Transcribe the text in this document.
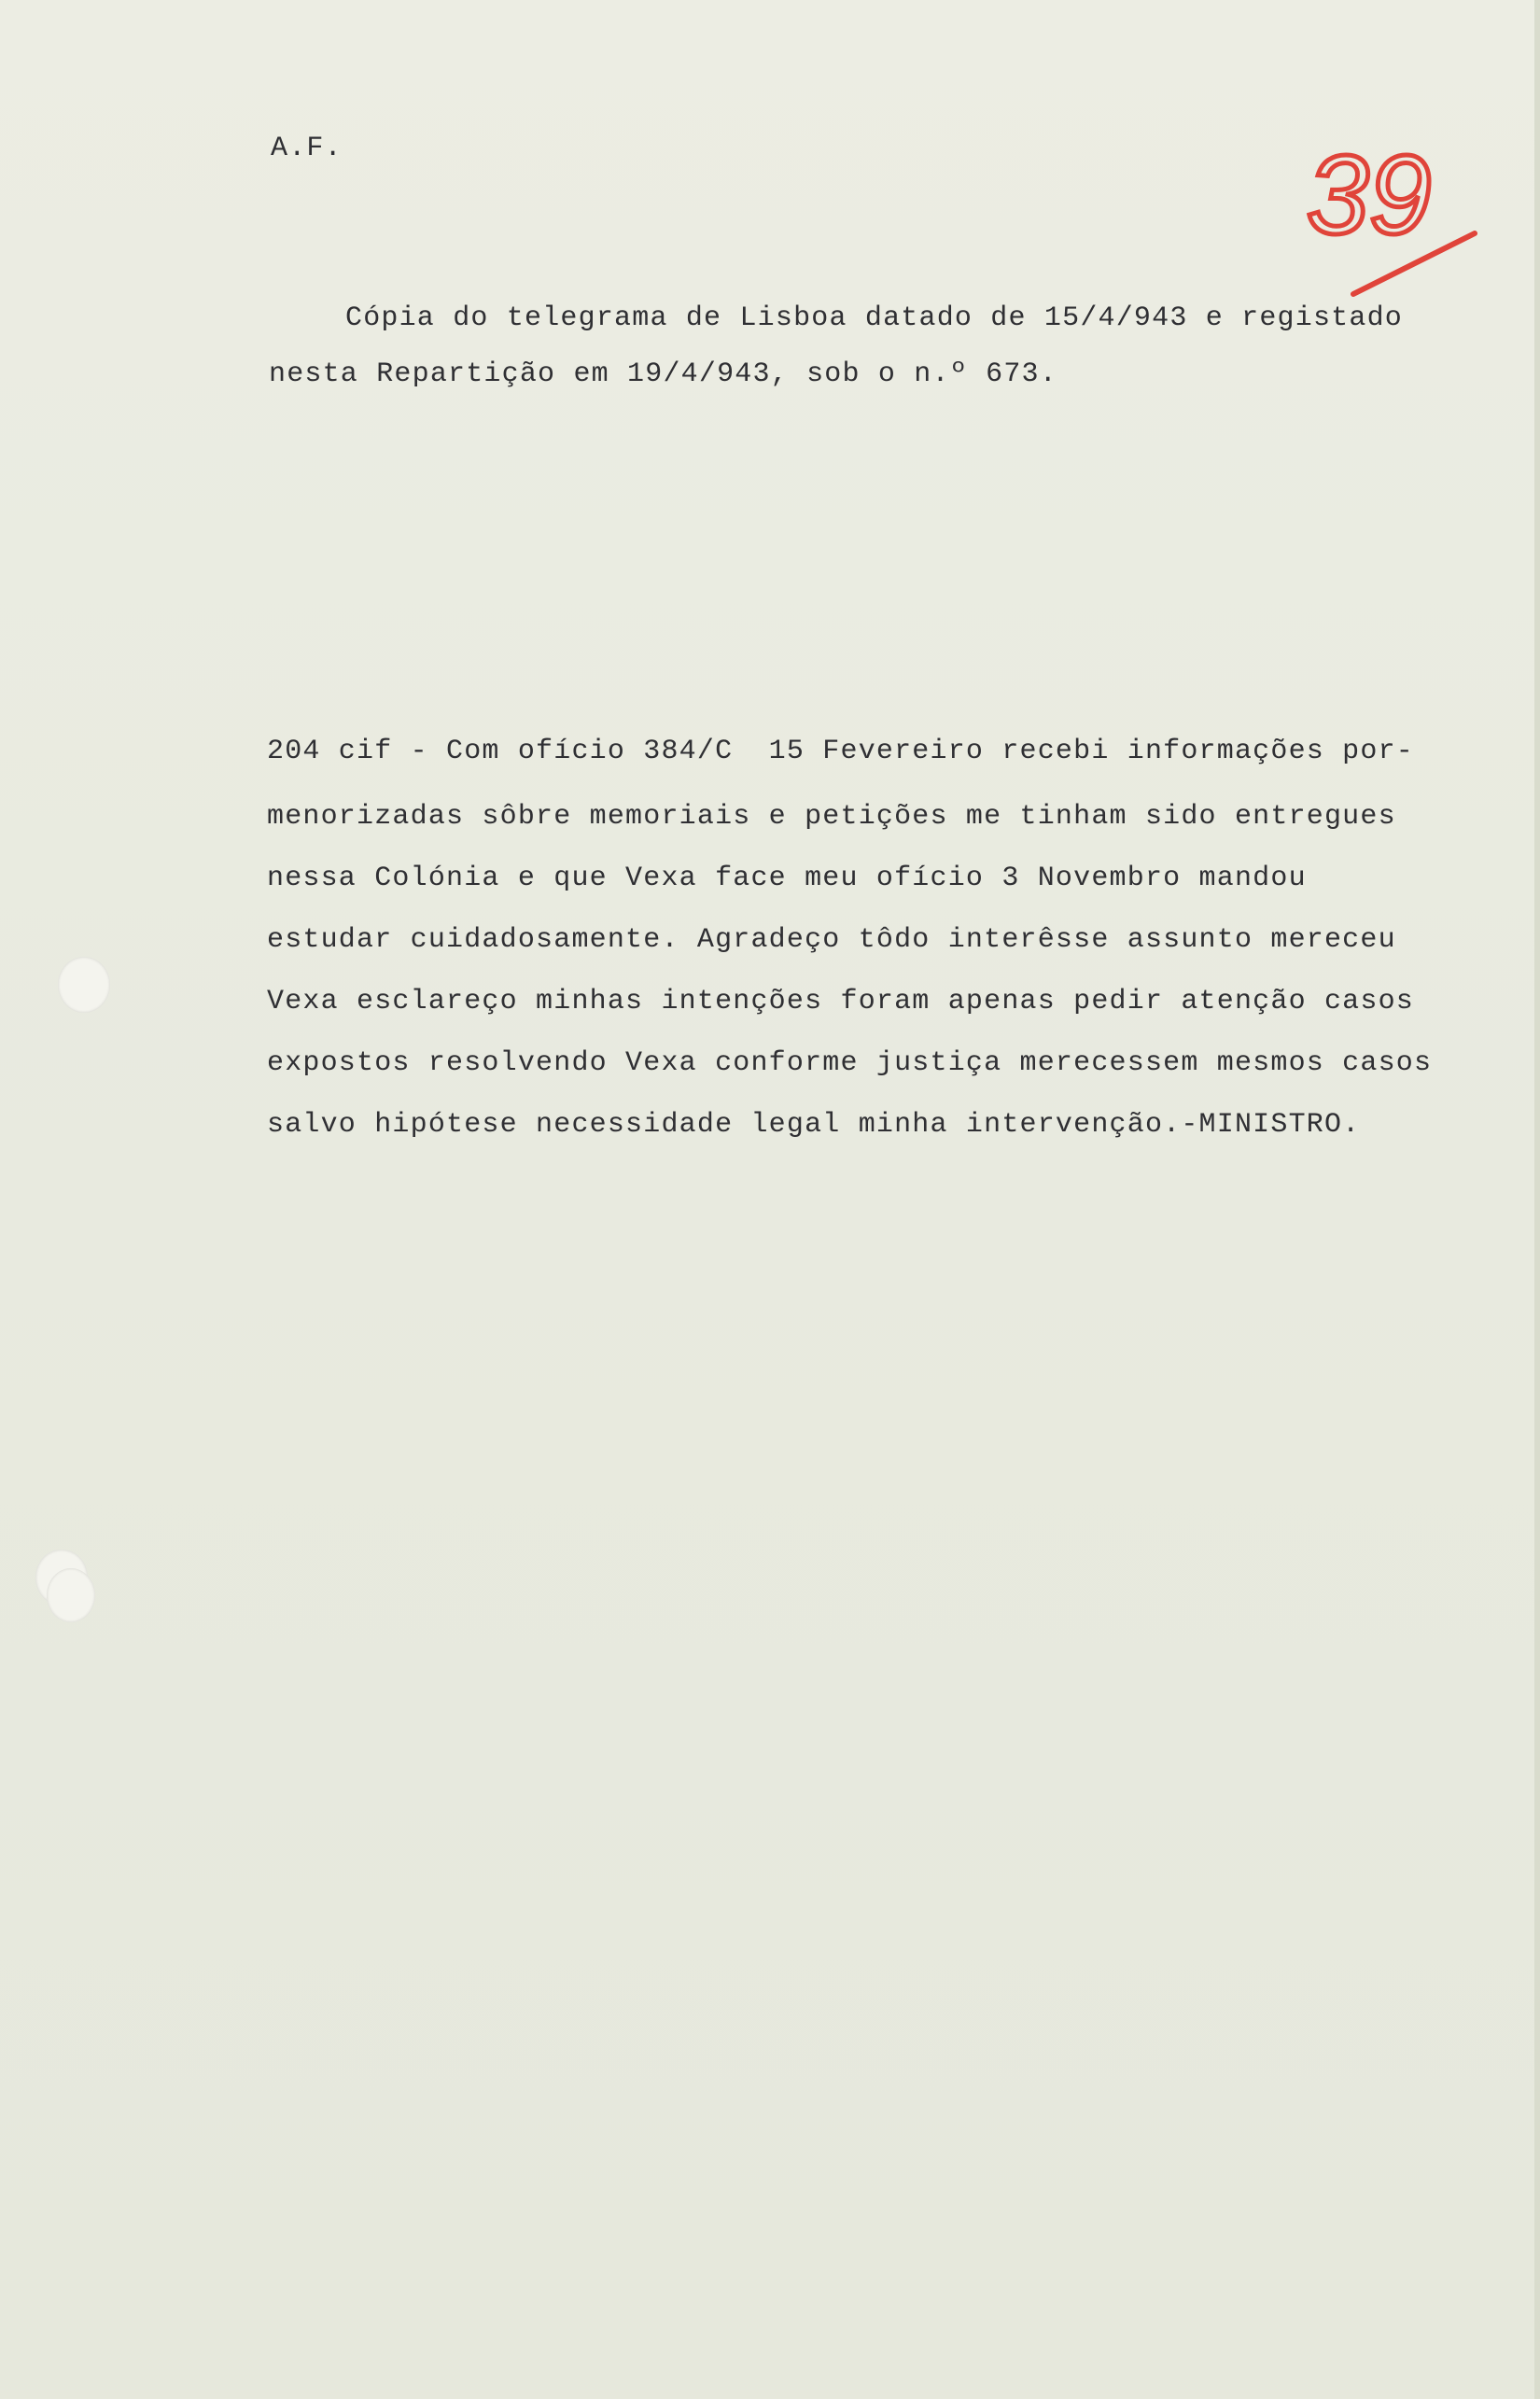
A.F.	39
Cópia do telegrama de Lisboa datado de 15/4/943 e registado
nesta Repartição em 19/4/943, sob o n.º 673.
204 cif - Com ofício 384/C  15 Fevereiro recebi informações por-
menorizadas sôbre memoriais e petições me tinham sido entregues
nessa Colónia e que Vexa face meu ofício 3 Novembro mandou
estudar cuidadosamente. Agradeço tôdo interêsse assunto mereceu
Vexa esclareço minhas intenções foram apenas pedir atenção casos
expostos resolvendo Vexa conforme justiça merecessem mesmos casos
salvo hipótese necessidade legal minha intervenção.-MINISTRO.
